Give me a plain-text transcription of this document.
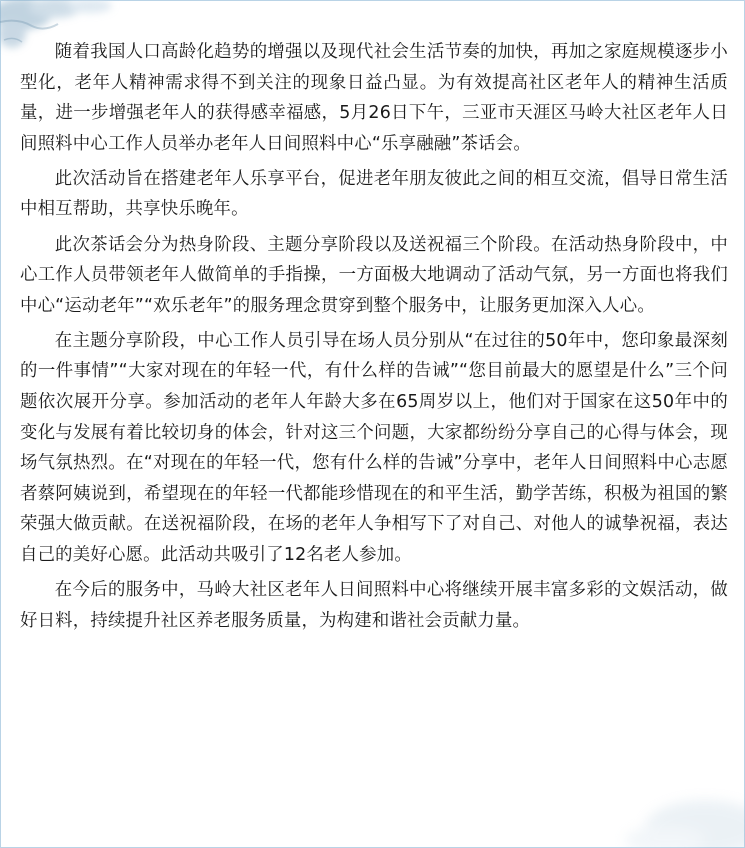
随着我国人口高龄化趋势的增强以及现代社会生活节奏的加快，再加之家庭规模逐步小型化，老年人精神需求得不到关注的现象日益凸显。为有效提高社区老年人的精神生活质量，进一步增强老年人的获得感幸福感，5月26日下午，三亚市天涯区马岭大社区老年人日间照料中心工作人员举办老年人日间照料中心“乐享融融”茶话会。

此次活动旨在搭建老年人乐享平台，促进老年朋友彼此之间的相互交流，倡导日常生活中相互帮助，共享快乐晚年。

此次茶话会分为热身阶段、主题分享阶段以及送祝福三个阶段。在活动热身阶段中，中心工作人员带领老年人做简单的手指操，一方面极大地调动了活动气氛，另一方面也将我们中心“运动老年”“欢乐老年”的服务理念贯穿到整个服务中，让服务更加深入人心。

在主题分享阶段，中心工作人员引导在场人员分别从“在过往的50年中，您印象最深刻的一件事情”“大家对现在的年轻一代，有什么样的告诫”“您目前最大的愿望是什么”三个问题依次展开分享。参加活动的老年人年龄大多在65周岁以上，他们对于国家在这50年中的变化与发展有着比较切身的体会，针对这三个问题，大家都纷纷分享自己的心得与体会，现场气氛热烈。在“对现在的年轻一代，您有什么样的告诫”分享中，老年人日间照料中心志愿者蔡阿姨说到，希望现在的年轻一代都能珍惜现在的和平生活，勤学苦练，积极为祖国的繁荣强大做贡献。在送祝福阶段，在场的老年人争相写下了对自己、对他人的诚挚祝福，表达自己的美好心愿。此活动共吸引了12名老人参加。

在今后的服务中，马岭大社区老年人日间照料中心将继续开展丰富多彩的文娱活动，做好日料，持续提升社区养老服务质量，为构建和谐社会贡献力量。
